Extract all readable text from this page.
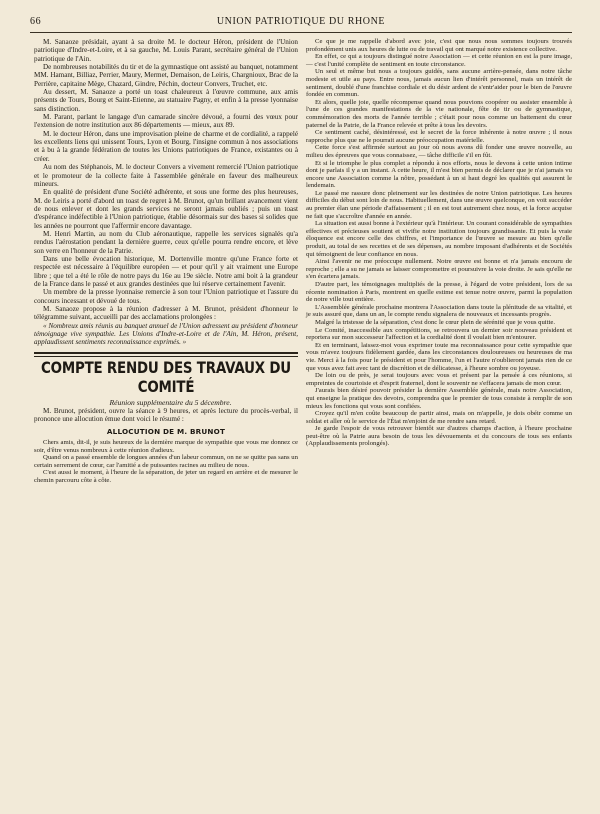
66	UNION PATRIOTIQUE DU RHONE

M. Sanaoze présidait, ayant à sa droite M. le docteur Héron, président de l'Union patriotique d'Indre-et-Loire, et à sa gauche, M. Louis Parant, secrétaire général de l'Union patriotique de l'Ain.

De nombreuses notabilités du tir et de la gymnastique ont assisté au banquet, notamment MM. Hamant, Billiaz, Perrier, Maury, Mermet, Demaison, de Leiris, Chargnioux, Brac de la Perrière, capitaine Mège, Chazard, Gindre, Péchin, docteur Convers, Truchet, etc.

Au dessert, M. Sanaoze a porté un toast chaleureux à l'œuvre commune, aux amis présents de Tours, Bourg et Saint-Etienne, au statuaire Pagny, et enfin à la presse lyonnaise sans distinction.

M. Parant, parlant le langage d'un camarade sincère dévoué, a fourni des vœux pour l'extension de notre institution aux 86 départements — mieux, aux 89.

M. le docteur Héron, dans une improvisation pleine de charme et de cordialité, a rappelé les excellents liens qui unissent Tours, Lyon et Bourg, l'insigne commun à nos associations et à bu à la grande fédération de toutes les Unions patriotiques de France, existantes ou à créer.

Au nom des Stéphanois, M. le docteur Convers a vivement remercié l'Union patriotique et le promoteur de la collecte faite à l'assemblée générale en faveur des malheureux mineurs.

En qualité de président d'une Société adhérente, et sous une forme des plus heureuses, M. de Leiris a porté d'abord un toast de regret à M. Brunot, qu'un brillant avancement vient de nous enlever et dont les grands services ne seront jamais oubliés ; puis un toast d'espérance indéfectible à l'Union patriotique, établie désormais sur des bases si solides que les années ne pourront que l'affermir encore davantage.

M. Henri Martin, au nom du Club aéronautique, rappelle les services signalés qu'a rendus l'aérostation pendant la dernière guerre, ceux qu'elle pourra rendre encore, et lève son verre en l'honneur de la Patrie.

Dans une belle évocation historique, M. Dortenville montre qu'une France forte et respectée est nécessaire à l'équilibre européen — et pour qu'il y ait vraiment une Europe libre ; que tel a été le rôle de notre pays du 16e au 19e siècle. Notre ami boit à la grandeur de la France dans le passé et aux grandes destinées que lui réserve certainement l'avenir.

Un membre de la presse lyonnaise remercie à son tour l'Union patriotique et l'assure du concours incessant et dévoué de tous.

M. Sanaoze propose à la réunion d'adresser à M. Brunot, président d'honneur le télégramme suivant, accueilli par des acclamations prolongées :

« Nombreux amis réunis au banquet annuel de l'Union adressent au président d'honneur témoignage vive sympathie. Les Unions d'Indre-et-Loire et de l'Ain, M. Héron, présent, applaudissent sentiments reconnaissance exprimés. »

COMPTE RENDU DES TRAVAUX DU COMITÉ

Réunion supplémentaire du 5 décembre.

M. Brunot, président, ouvre la séance à 9 heures, et après lecture du procès-verbal, il prononce une allocution émue dont voici le résumé :

ALLOCUTION DE M. BRUNOT

Chers amis, dit-il, je suis heureux de la dernière marque de sympathie que vous me donnez ce soir, d'être venus nombreux à cette réunion d'adieux.

Quand on a passé ensemble de longues années d'un labeur commun, on ne se quitte pas sans un certain serrement de cœur, car l'amitié a de puissantes racines au milieu de nous.

C'est aussi le moment, à l'heure de la séparation, de jeter un regard en arrière et de mesurer le chemin parcouru côte à côte.

Ce que je me rappelle d'abord avec joie, c'est que nous nous sommes toujours trouvés profondément unis aux heures de lutte ou de travail qui ont marqué notre existence collective.

En effet, ce qui a toujours distingué notre Association — et cette réunion en est la pure image, — c'est l'unité complète de sentiment en toute circonstance.

Un seul et même but nous a toujours guidés, sans aucune arrière-pensée, dans notre tâche modeste et utile au pays. Entre nous, jamais aucun lien d'intérêt personnel, mais un intérêt de sentiment, doublé d'une franchise cordiale et du désir ardent de s'entr'aider pour le bien de l'œuvre fondée en commun.

Et alors, quelle joie, quelle récompense quand nous pouvions coopérer ou assister ensemble à l'une de ces grandes manifestations de la vie nationale, fête de tir ou de gymnastique, commémoration des morts de l'année terrible ; c'était pour nous comme un battement du cœur paternel de la Patrie, de la France relevée et prête à tous les devoirs.

Ce sentiment caché, désintéressé, est le secret de la force inhérente à notre œuvre ; il nous rapproche plus que ne le pourrait aucune préoccupation matérielle.

Cette force s'est affirmée surtout au jour où nous avons dû fonder une œuvre nouvelle, au milieu des épreuves que vous connaissez, — tâche difficile s'il en fût.

Et si le triomphe le plus complet a répondu à nos efforts, nous le devons à cette union intime dont je parlais il y a un instant. A cette heure, il m'est bien permis de déclarer que je n'ai jamais vu encore une Association comme la nôtre, possédant à un si haut degré les qualités qui assurent le lendemain.

Le passé me rassure donc pleinement sur les destinées de notre Union patriotique. Les heures difficiles du début sont loin de nous. Habituellement, dans une œuvre quelconque, on voit succéder au premier élan une période d'affaissement ; il en est tout autrement chez nous, et la force acquise ne fait que s'accroître d'année en année.

La situation est aussi bonne à l'extérieur qu'à l'intérieur. Un courant considérable de sympathies effectives et précieuses soutient et vivifie notre institution toujours grandissante. Et puis la vraie éloquence est encore celle des chiffres, et l'importance de l'œuvre se mesure au bien qu'elle produit, au total de ses recettes et de ses dépenses, au nombre imposant d'adhérents et de Sociétés qui témoignent de leur confiance en nous.

Ainsi l'avenir ne me préoccupe nullement. Notre œuvre est bonne et n'a jamais encouru de reproche ; elle a su ne jamais se laisser compromettre et poursuivre la voie droite. Je sais qu'elle ne s'en écartera jamais.

D'autre part, les témoignages multipliés de la presse, à l'égard de votre président, lors de sa récente nomination à Paris, montrent en quelle estime est tenue notre œuvre, parmi la population de notre ville tout entière.

L'Assemblée générale prochaine montrera l'Association dans toute la plénitude de sa vitalité, et je suis assuré que, dans un an, le compte rendu signalera de nouveaux et incessants progrès.

Malgré la tristesse de la séparation, c'est donc le cœur plein de sérénité que je vous quitte.

Le Comité, inaccessible aux compétitions, se retrouvera un dernier soir nouveau président et reportera sur mon successeur l'affection et la cordialité dont il voulait bien m'entourer.

Et en terminant, laissez-moi vous exprimer toute ma reconnaissance pour cette sympathie que vous m'avez toujours fidèlement gardée, dans les circonstances douloureuses ou heureuses de ma vie. Merci à la fois pour le président et pour l'homme, l'un et l'autre n'oublieront jamais rien de ce que vous avez fait avec tant de discrétion et de délicatesse, à l'heure sombre ou joyeuse.

De loin ou de près, je serai toujours avec vous et présent par la pensée à ces réunions, si empreintes de courtoisie et d'esprit fraternel, dont le souvenir ne s'effacera jamais de mon cœur.

J'aurais bien désiré pouvoir présider la dernière Assemblée générale, mais notre Association, qui enseigne la pratique des devoirs, comprendra que le premier de tous consiste à remplir de son mieux les fonctions qui vous sont confiées.

Croyez qu'il m'en coûte beaucoup de partir ainsi, mais on m'appelle, je dois obéir comme un soldat et aller où le service de l'État m'enjoint de me rendre sans retard.

Je garde l'espoir de vous retrouver bientôt sur d'autres champs d'action, à l'heure prochaine peut-être où la Patrie aura besoin de tous les dévouements et du concours de tous ses enfants (Applaudissements prolongés).
